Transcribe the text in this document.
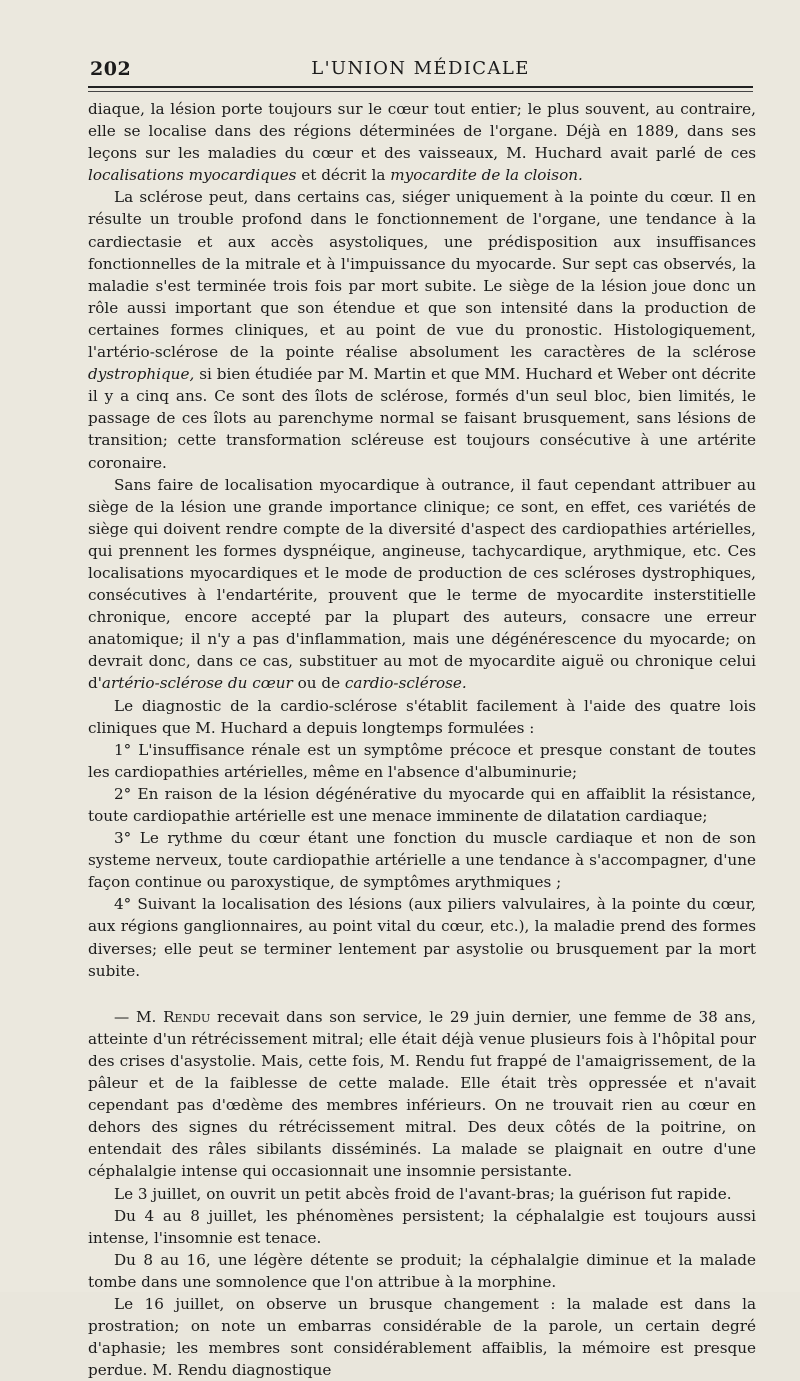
202	L'UNION MÉDICALE

diaque, la lésion porte toujours sur le cœur tout entier; le plus souvent, au contraire, elle se localise dans des régions déterminées de l'organe. Déjà en 1889, dans ses leçons sur les maladies du cœur et des vaisseaux, M. Huchard avait parlé de ces localisations myocardiques et décrit la myocardite de la cloison.

La sclérose peut, dans certains cas, siéger uniquement à la pointe du cœur. Il en résulte un trouble profond dans le fonctionnement de l'organe, une tendance à la cardiectasie et aux accès asystoliques, une prédisposition aux insuffisances fonctionnelles de la mitrale et à l'impuissance du myocarde. Sur sept cas observés, la maladie s'est terminée trois fois par mort subite. Le siège de la lésion joue donc un rôle aussi important que son étendue et que son intensité dans la production de certaines formes cliniques, et au point de vue du pronostic. Histologiquement, l'artério-sclérose de la pointe réalise absolument les caractères de la sclérose dystrophique, si bien étudiée par M. Martin et que MM. Huchard et Weber ont décrite il y a cinq ans. Ce sont des îlots de sclérose, formés d'un seul bloc, bien limités, le passage de ces îlots au parenchyme normal se faisant brusquement, sans lésions de transition; cette transformation scléreuse est toujours consécutive à une artérite coronaire.

Sans faire de localisation myocardique à outrance, il faut cependant attribuer au siège de la lésion une grande importance clinique; ce sont, en effet, ces variétés de siège qui doivent rendre compte de la diversité d'aspect des cardiopathies artérielles, qui prennent les formes dyspnéique, angineuse, tachycardique, arythmique, etc. Ces localisations myocardiques et le mode de production de ces scléroses dystrophiques, consécutives à l'endartérite, prouvent que le terme de myocardite insterstitielle chronique, encore accepté par la plupart des auteurs, consacre une erreur anatomique; il n'y a pas d'inflammation, mais une dégénérescence du myocarde; on devrait donc, dans ce cas, substituer au mot de myocardite aiguë ou chronique celui d'artério-sclérose du cœur ou de cardio-sclérose.

Le diagnostic de la cardio-sclérose s'établit facilement à l'aide des quatre lois cliniques que M. Huchard a depuis longtemps formulées :

1° L'insuffisance rénale est un symptôme précoce et presque constant de toutes les cardiopathies artérielles, même en l'absence d'albuminurie;

2° En raison de la lésion dégénérative du myocarde qui en affaiblit la résistance, toute cardiopathie artérielle est une menace imminente de dilatation cardiaque;

3° Le rythme du cœur étant une fonction du muscle cardiaque et non de son systeme nerveux, toute cardiopathie artérielle a une tendance à s'accompagner, d'une façon continue ou paroxystique, de symptômes arythmiques ;

4° Suivant la localisation des lésions (aux piliers valvulaires, à la pointe du cœur, aux régions ganglionnaires, au point vital du cœur, etc.), la maladie prend des formes diverses; elle peut se terminer lentement par asystolie ou brusquement par la mort subite.

— M. Rendu recevait dans son service, le 29 juin dernier, une femme de 38 ans, atteinte d'un rétrécissement mitral; elle était déjà venue plusieurs fois à l'hôpital pour des crises d'asystolie. Mais, cette fois, M. Rendu fut frappé de l'amaigrissement, de la pâleur et de la faiblesse de cette malade. Elle était très oppressée et n'avait cependant pas d'œdème des membres inférieurs. On ne trouvait rien au cœur en dehors des signes du rétrécissement mitral. Des deux côtés de la poitrine, on entendait des râles sibilants disséminés. La malade se plaignait en outre d'une céphalalgie intense qui occasionnait une insomnie persistante.

Le 3 juillet, on ouvrit un petit abcès froid de l'avant-bras; la guérison fut rapide.

Du 4 au 8 juillet, les phénomènes persistent; la céphalalgie est toujours aussi intense, l'insomnie est tenace.

Du 8 au 16, une légère détente se produit; la céphalalgie diminue et la malade tombe dans une somnolence que l'on attribue à la morphine.

Le 16 juillet, on observe un brusque changement : la malade est dans la prostration; on note un embarras considérable de la parole, un certain degré d'aphasie; les membres sont considérablement affaiblis, la mémoire est presque perdue. M. Rendu diagnostique
